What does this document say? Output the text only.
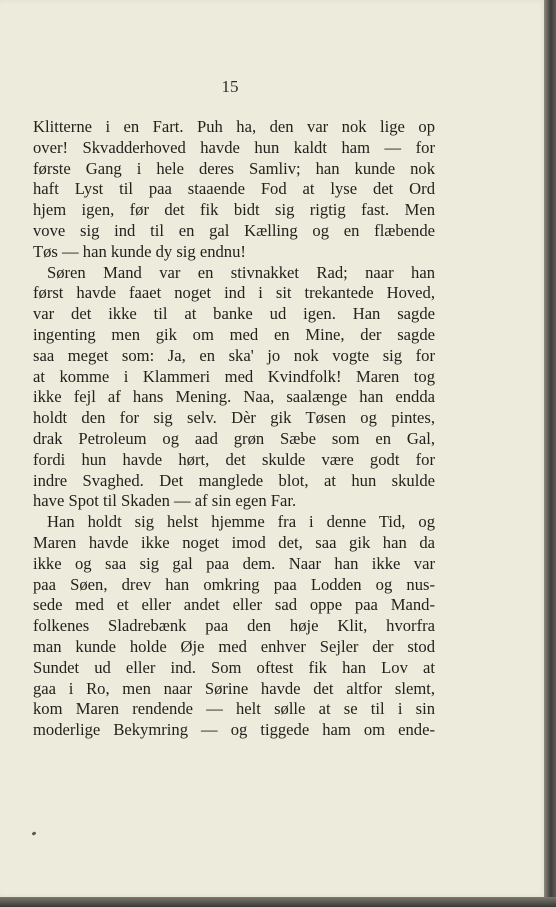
15
Klitterne i en Fart. Puh ha, den var nok lige op
over! Skvadderhoved havde hun kaldt ham — for
første Gang i hele deres Samliv; han kunde nok
haft Lyst til paa staaende Fod at lyse det Ord
hjem igen, før det fik bidt sig rigtig fast. Men
vove sig ind til en gal Kælling og en flæbende
Tøs — han kunde dy sig endnu!
Søren Mand var en stivnakket Rad; naar han
først havde faaet noget ind i sit trekantede Hoved,
var det ikke til at banke ud igen. Han sagde
ingenting men gik om med en Mine, der sagde
saa meget som: Ja, en ska' jo nok vogte sig for
at komme i Klammeri med Kvindfolk! Maren tog
ikke fejl af hans Mening. Naa, saalænge han endda
holdt den for sig selv. Dèr gik Tøsen og pintes,
drak Petroleum og aad grøn Sæbe som en Gal,
fordi hun havde hørt, det skulde være godt for
indre Svaghed. Det manglede blot, at hun skulde
have Spot til Skaden — af sin egen Far.
Han holdt sig helst hjemme fra i denne Tid, og
Maren havde ikke noget imod det, saa gik han da
ikke og saa sig gal paa dem. Naar han ikke var
paa Søen, drev han omkring paa Lodden og nus-
sede med et eller andet eller sad oppe paa Mand-
folkenes Sladrebænk paa den høje Klit, hvorfra
man kunde holde Øje med enhver Sejler der stod
Sundet ud eller ind. Som oftest fik han Lov at
gaa i Ro, men naar Sørine havde det altfor slemt,
kom Maren rendende — helt sølle at se til i sin
moderlige Bekymring — og tiggede ham om ende-
